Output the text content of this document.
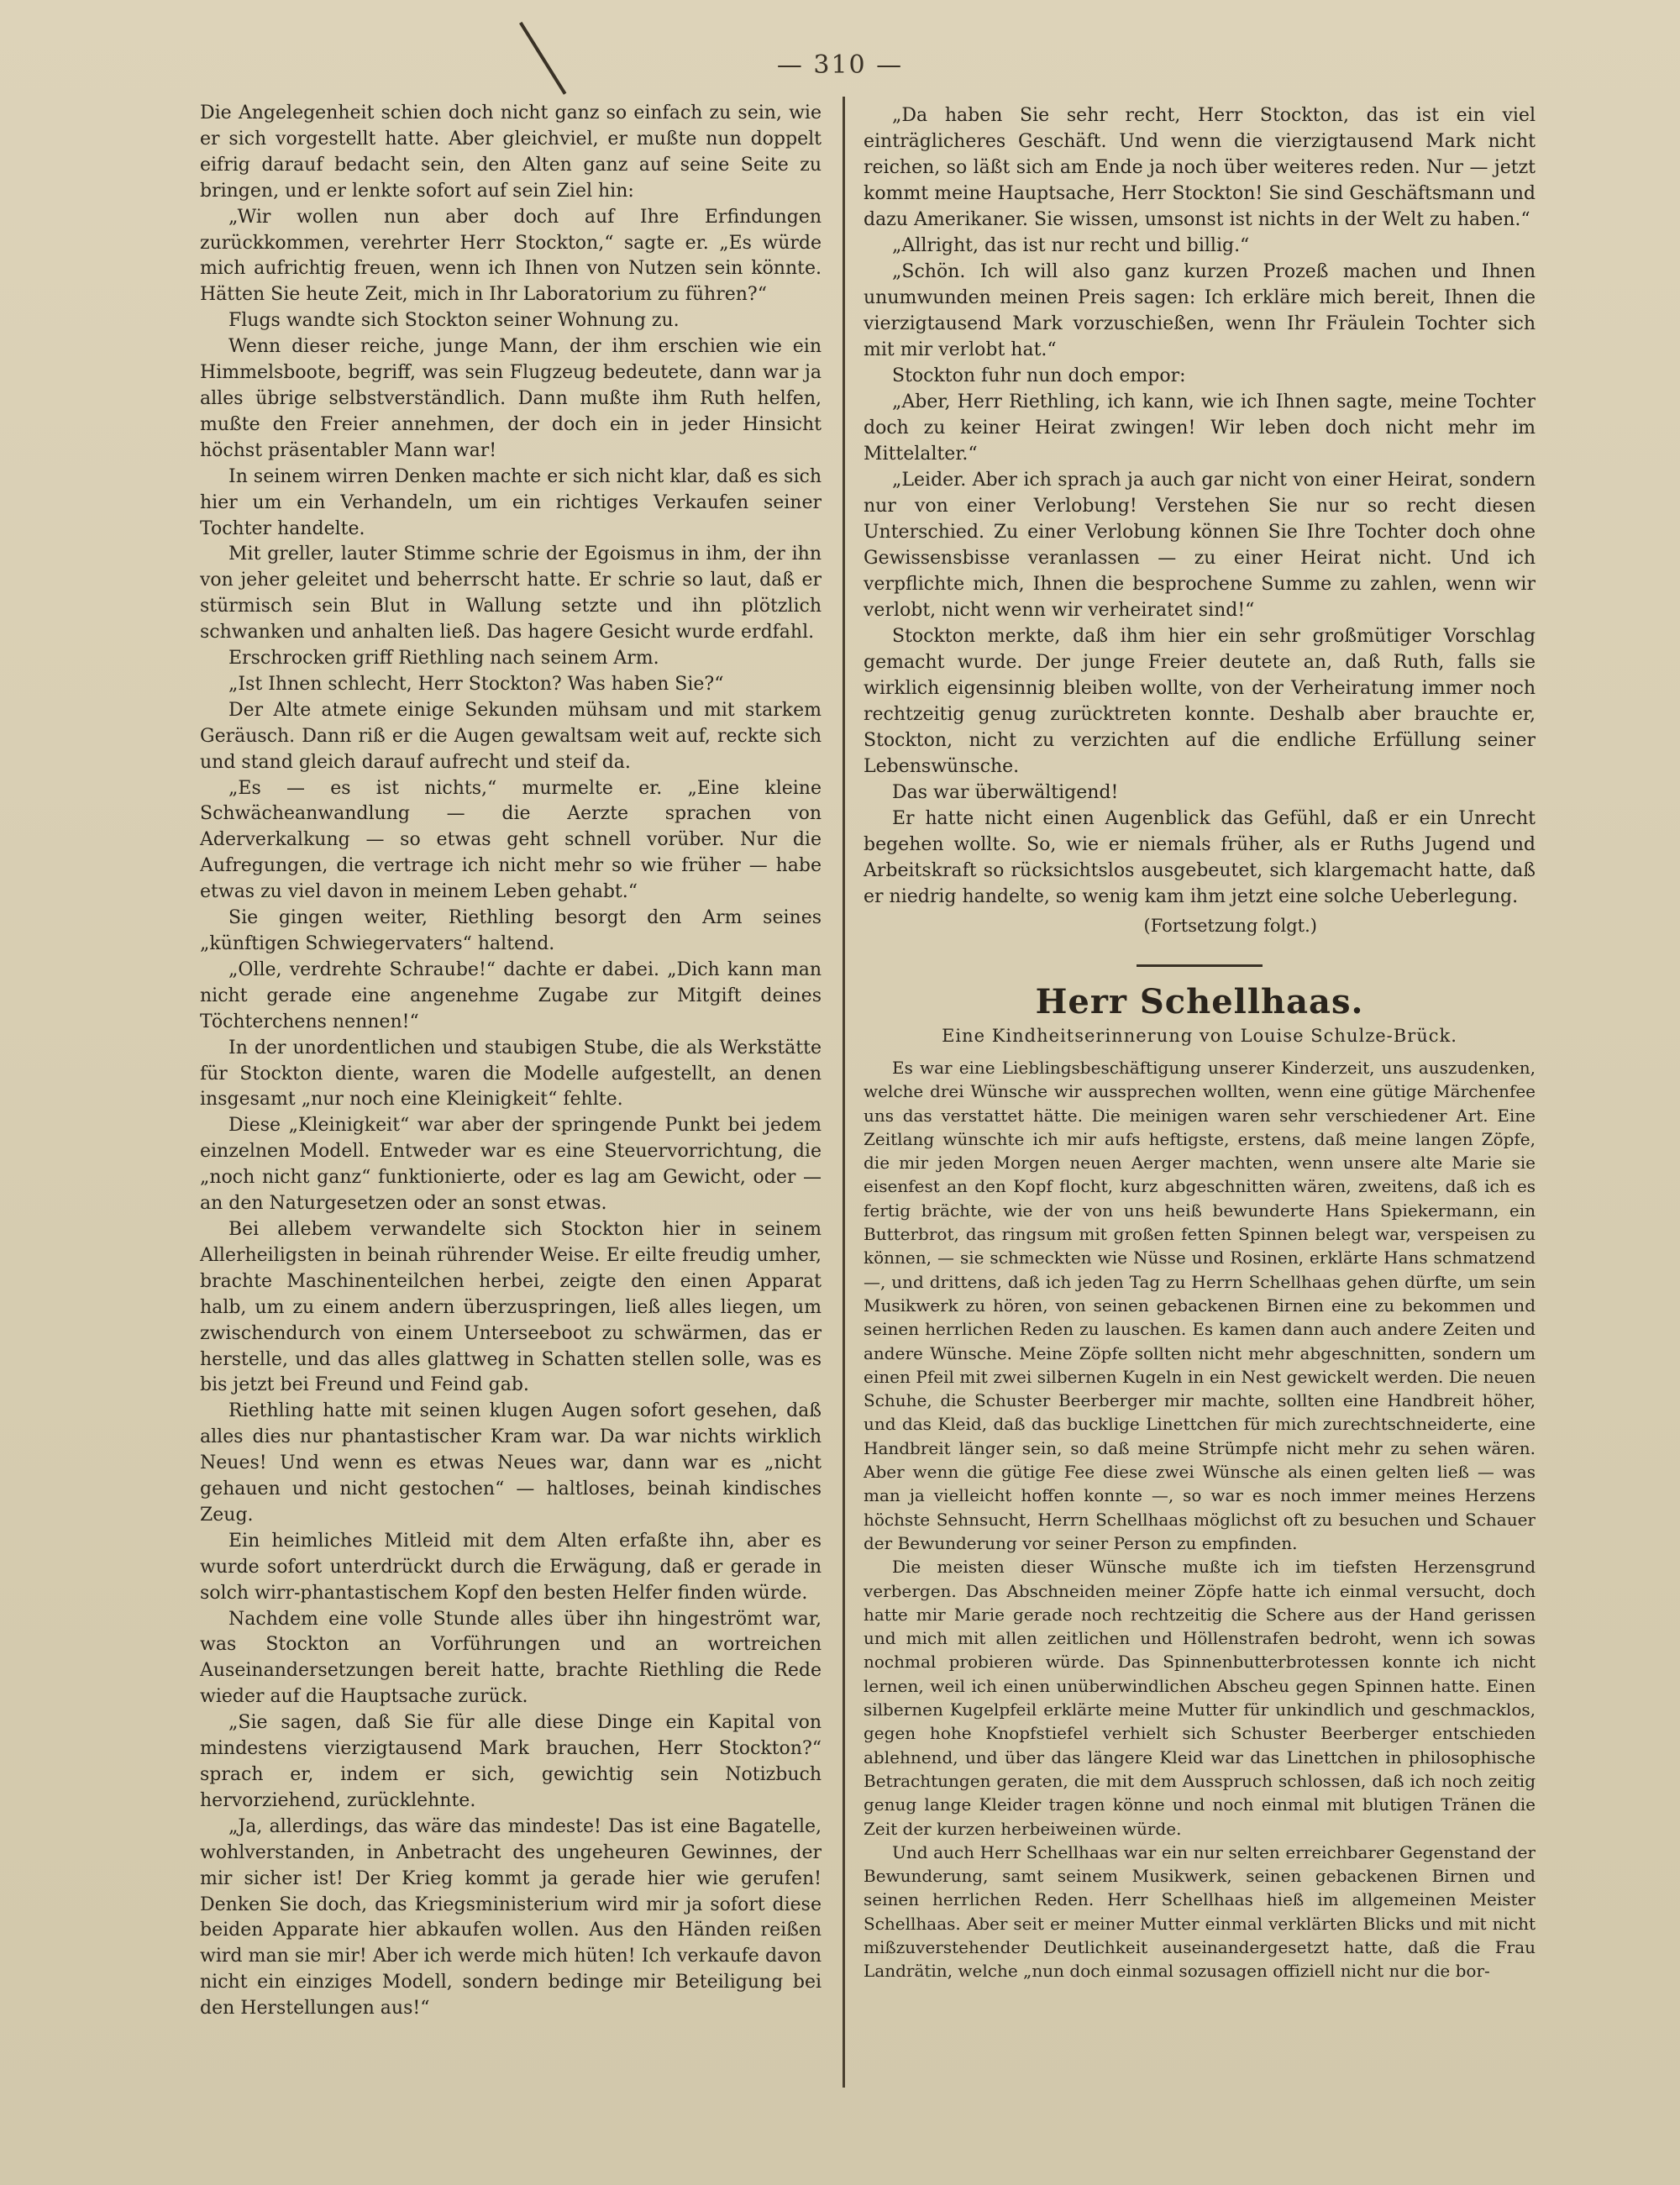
— 310 —

Die Angelegenheit schien doch nicht ganz so einfach zu sein, wie er sich vorgestellt hatte. Aber gleichviel, er mußte nun doppelt eifrig darauf bedacht sein, den Alten ganz auf seine Seite zu bringen, und er lenkte sofort auf sein Ziel hin:

„Wir wollen nun aber doch auf Ihre Erfindungen zurückkommen, verehrter Herr Stockton,“ sagte er. „Es würde mich aufrichtig freuen, wenn ich Ihnen von Nutzen sein könnte. Hätten Sie heute Zeit, mich in Ihr Laboratorium zu führen?“

Flugs wandte sich Stockton seiner Wohnung zu.

Wenn dieser reiche, junge Mann, der ihm erschien wie ein Himmelsboote, begriff, was sein Flugzeug bedeutete, dann war ja alles übrige selbstverständlich. Dann mußte ihm Ruth helfen, mußte den Freier annehmen, der doch ein in jeder Hinsicht höchst präsentabler Mann war!

In seinem wirren Denken machte er sich nicht klar, daß es sich hier um ein Verhandeln, um ein richtiges Verkaufen seiner Tochter handelte.

Mit greller, lauter Stimme schrie der Egoismus in ihm, der ihn von jeher geleitet und beherrscht hatte. Er schrie so laut, daß er stürmisch sein Blut in Wallung setzte und ihn plötzlich schwanken und anhalten ließ. Das hagere Gesicht wurde erdfahl.

Erschrocken griff Riethling nach seinem Arm.

„Ist Ihnen schlecht, Herr Stockton? Was haben Sie?“

Der Alte atmete einige Sekunden mühsam und mit starkem Geräusch. Dann riß er die Augen gewaltsam weit auf, reckte sich und stand gleich darauf aufrecht und steif da.

„Es — es ist nichts,“ murmelte er. „Eine kleine Schwächeanwandlung — die Aerzte sprachen von Aderverkalkung — so etwas geht schnell vorüber. Nur die Aufregungen, die vertrage ich nicht mehr so wie früher — habe etwas zu viel davon in meinem Leben gehabt.“

Sie gingen weiter, Riethling besorgt den Arm seines „künftigen Schwiegervaters“ haltend.

„Olle, verdrehte Schraube!“ dachte er dabei. „Dich kann man nicht gerade eine angenehme Zugabe zur Mitgift deines Töchterchens nennen!“

In der unordentlichen und staubigen Stube, die als Werkstätte für Stockton diente, waren die Modelle aufgestellt, an denen insgesamt „nur noch eine Kleinigkeit“ fehlte.

Diese „Kleinigkeit“ war aber der springende Punkt bei jedem einzelnen Modell. Entweder war es eine Steuervorrichtung, die „noch nicht ganz“ funktionierte, oder es lag am Gewicht, oder — an den Naturgesetzen oder an sonst etwas.

Bei allebem verwandelte sich Stockton hier in seinem Allerheiligsten in beinah rührender Weise. Er eilte freudig umher, brachte Maschinenteilchen herbei, zeigte den einen Apparat halb, um zu einem andern überzuspringen, ließ alles liegen, um zwischendurch von einem Unterseeboot zu schwärmen, das er herstelle, und das alles glattweg in Schatten stellen solle, was es bis jetzt bei Freund und Feind gab.

Riethling hatte mit seinen klugen Augen sofort gesehen, daß alles dies nur phantastischer Kram war. Da war nichts wirklich Neues! Und wenn es etwas Neues war, dann war es „nicht gehauen und nicht gestochen“ — haltloses, beinah kindisches Zeug.

Ein heimliches Mitleid mit dem Alten erfaßte ihn, aber es wurde sofort unterdrückt durch die Erwägung, daß er gerade in solch wirr-phantastischem Kopf den besten Helfer finden würde.

Nachdem eine volle Stunde alles über ihn hingeströmt war, was Stockton an Vorführungen und an wortreichen Auseinandersetzungen bereit hatte, brachte Riethling die Rede wieder auf die Hauptsache zurück.

„Sie sagen, daß Sie für alle diese Dinge ein Kapital von mindestens vierzigtausend Mark brauchen, Herr Stockton?“ sprach er, indem er sich, gewichtig sein Notizbuch hervorziehend, zurücklehnte.

„Ja, allerdings, das wäre das mindeste! Das ist eine Bagatelle, wohlverstanden, in Anbetracht des ungeheuren Gewinnes, der mir sicher ist! Der Krieg kommt ja gerade hier wie gerufen! Denken Sie doch, das Kriegsministerium wird mir ja sofort diese beiden Apparate hier abkaufen wollen. Aus den Händen reißen wird man sie mir! Aber ich werde mich hüten! Ich verkaufe davon nicht ein einziges Modell, sondern bedinge mir Beteiligung bei den Herstellungen aus!“

„Da haben Sie sehr recht, Herr Stockton, das ist ein viel einträglicheres Geschäft. Und wenn die vierzigtausend Mark nicht reichen, so läßt sich am Ende ja noch über weiteres reden. Nur — jetzt kommt meine Hauptsache, Herr Stockton! Sie sind Geschäftsmann und dazu Amerikaner. Sie wissen, umsonst ist nichts in der Welt zu haben.“

„Allright, das ist nur recht und billig.“

„Schön. Ich will also ganz kurzen Prozeß machen und Ihnen unumwunden meinen Preis sagen: Ich erkläre mich bereit, Ihnen die vierzigtausend Mark vorzuschießen, wenn Ihr Fräulein Tochter sich mit mir verlobt hat.“

Stockton fuhr nun doch empor:

„Aber, Herr Riethling, ich kann, wie ich Ihnen sagte, meine Tochter doch zu keiner Heirat zwingen! Wir leben doch nicht mehr im Mittelalter.“

„Leider. Aber ich sprach ja auch gar nicht von einer Heirat, sondern nur von einer Verlobung! Verstehen Sie nur so recht diesen Unterschied. Zu einer Verlobung können Sie Ihre Tochter doch ohne Gewissensbisse veranlassen — zu einer Heirat nicht. Und ich verpflichte mich, Ihnen die besprochene Summe zu zahlen, wenn wir verlobt, nicht wenn wir verheiratet sind!“

Stockton merkte, daß ihm hier ein sehr großmütiger Vorschlag gemacht wurde. Der junge Freier deutete an, daß Ruth, falls sie wirklich eigensinnig bleiben wollte, von der Verheiratung immer noch rechtzeitig genug zurücktreten konnte. Deshalb aber brauchte er, Stockton, nicht zu verzichten auf die endliche Erfüllung seiner Lebenswünsche.

Das war überwältigend!

Er hatte nicht einen Augenblick das Gefühl, daß er ein Unrecht begehen wollte. So, wie er niemals früher, als er Ruths Jugend und Arbeitskraft so rücksichtslos ausgebeutet, sich klargemacht hatte, daß er niedrig handelte, so wenig kam ihm jetzt eine solche Ueberlegung.

(Fortsetzung folgt.)
Herr Schellhaas.
Eine Kindheitserinnerung von Louise Schulze-Brück.

Es war eine Lieblingsbeschäftigung unserer Kinderzeit, uns auszudenken, welche drei Wünsche wir aussprechen wollten, wenn eine gütige Märchenfee uns das verstattet hätte. Die meinigen waren sehr verschiedener Art. Eine Zeitlang wünschte ich mir aufs heftigste, erstens, daß meine langen Zöpfe, die mir jeden Morgen neuen Aerger machten, wenn unsere alte Marie sie eisenfest an den Kopf flocht, kurz abgeschnitten wären, zweitens, daß ich es fertig brächte, wie der von uns heiß bewunderte Hans Spiekermann, ein Butterbrot, das ringsum mit großen fetten Spinnen belegt war, verspeisen zu können, — sie schmeckten wie Nüsse und Rosinen, erklärte Hans schmatzend —, und drittens, daß ich jeden Tag zu Herrn Schellhaas gehen dürfte, um sein Musikwerk zu hören, von seinen gebackenen Birnen eine zu bekommen und seinen herrlichen Reden zu lauschen. Es kamen dann auch andere Zeiten und andere Wünsche. Meine Zöpfe sollten nicht mehr abgeschnitten, sondern um einen Pfeil mit zwei silbernen Kugeln in ein Nest gewickelt werden. Die neuen Schuhe, die Schuster Beerberger mir machte, sollten eine Handbreit höher, und das Kleid, daß das bucklige Linettchen für mich zurechtschneiderte, eine Handbreit länger sein, so daß meine Strümpfe nicht mehr zu sehen wären. Aber wenn die gütige Fee diese zwei Wünsche als einen gelten ließ — was man ja vielleicht hoffen konnte —, so war es noch immer meines Herzens höchste Sehnsucht, Herrn Schellhaas möglichst oft zu besuchen und Schauer der Bewunderung vor seiner Person zu empfinden.

Die meisten dieser Wünsche mußte ich im tiefsten Herzensgrund verbergen. Das Abschneiden meiner Zöpfe hatte ich einmal versucht, doch hatte mir Marie gerade noch rechtzeitig die Schere aus der Hand gerissen und mich mit allen zeitlichen und Höllenstrafen bedroht, wenn ich sowas nochmal probieren würde. Das Spinnenbutterbrotessen konnte ich nicht lernen, weil ich einen unüberwindlichen Abscheu gegen Spinnen hatte. Einen silbernen Kugelpfeil erklärte meine Mutter für unkindlich und geschmacklos, gegen hohe Knopfstiefel verhielt sich Schuster Beerberger entschieden ablehnend, und über das längere Kleid war das Linettchen in philosophische Betrachtungen geraten, die mit dem Ausspruch schlossen, daß ich noch zeitig genug lange Kleider tragen könne und noch einmal mit blutigen Tränen die Zeit der kurzen herbeiweinen würde.

Und auch Herr Schellhaas war ein nur selten erreichbarer Gegenstand der Bewunderung, samt seinem Musikwerk, seinen gebackenen Birnen und seinen herrlichen Reden. Herr Schellhaas hieß im allgemeinen Meister Schellhaas. Aber seit er meiner Mutter einmal verklärten Blicks und mit nicht mißzuverstehender Deutlichkeit auseinandergesetzt hatte, daß die Frau Landrätin, welche „nun doch einmal sozusagen offiziell nicht nur die bor-
